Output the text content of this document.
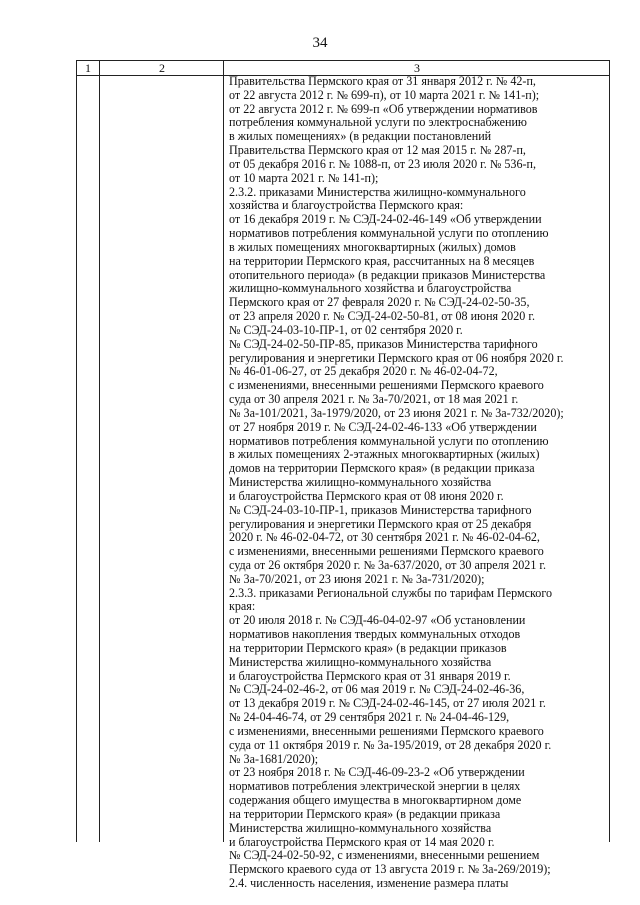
34
1	2	3
Правительства Пермского края от 31 января 2012 г. № 42-п,
от 22 августа 2012 г. № 699-п), от 10 марта 2021 г. № 141-п);
от 22 августа 2012 г. № 699-п «Об утверждении нормативов
потребления коммунальной услуги по электроснабжению
в жилых помещениях» (в редакции постановлений
Правительства Пермского края от 12 мая 2015 г. № 287-п,
от 05 декабря 2016 г. № 1088-п, от 23 июля 2020 г. № 536-п,
от 10 марта 2021 г. № 141-п);
2.3.2. приказами Министерства жилищно-коммунального
хозяйства и благоустройства Пермского края:
от 16 декабря 2019 г. № СЭД-24-02-46-149 «Об утверждении
нормативов потребления коммунальной услуги по отоплению
в жилых помещениях многоквартирных (жилых) домов
на территории Пермского края, рассчитанных на 8 месяцев
отопительного периода» (в редакции приказов Министерства
жилищно-коммунального хозяйства и благоустройства
Пермского края от 27 февраля 2020 г. № СЭД-24-02-50-35,
от 23 апреля 2020 г. № СЭД-24-02-50-81, от 08 июня 2020 г.
№ СЭД-24-03-10-ПР-1, от 02 сентября 2020 г.
№ СЭД-24-02-50-ПР-85, приказов Министерства тарифного
регулирования и энергетики Пермского края от 06 ноября 2020 г.
№ 46-01-06-27, от 25 декабря 2020 г. № 46-02-04-72,
с изменениями, внесенными решениями Пермского краевого
суда от 30 апреля 2021 г. № 3а-70/2021, от 18 мая 2021 г.
№ 3а-101/2021, 3а-1979/2020, от 23 июня 2021 г. № 3а-732/2020);
от 27 ноября 2019 г. № СЭД-24-02-46-133 «Об утверждении
нормативов потребления коммунальной услуги по отоплению
в жилых помещениях 2-этажных многоквартирных (жилых)
домов на территории Пермского края» (в редакции приказа
Министерства жилищно-коммунального хозяйства
и благоустройства Пермского края от 08 июня 2020 г.
№ СЭД-24-03-10-ПР-1, приказов Министерства тарифного
регулирования и энергетики Пермского края от 25 декабря
2020 г. № 46-02-04-72, от 30 сентября 2021 г. № 46-02-04-62,
с изменениями, внесенными решениями Пермского краевого
суда от 26 октября 2020 г. № 3а-637/2020, от 30 апреля 2021 г.
№ 3а-70/2021, от 23 июня 2021 г. № 3а-731/2020);
2.3.3. приказами Региональной службы по тарифам Пермского
края:
от 20 июля 2018 г. № СЭД-46-04-02-97 «Об установлении
нормативов накопления твердых коммунальных отходов
на территории Пермского края» (в редакции приказов
Министерства жилищно-коммунального хозяйства
и благоустройства Пермского края от 31 января 2019 г.
№ СЭД-24-02-46-2, от 06 мая 2019 г. № СЭД-24-02-46-36,
от 13 декабря 2019 г. № СЭД-24-02-46-145, от 27 июля 2021 г.
№ 24-04-46-74, от 29 сентября 2021 г. № 24-04-46-129,
с изменениями, внесенными решениями Пермского краевого
суда от 11 октября 2019 г. № 3а-195/2019, от 28 декабря 2020 г.
№ 3а-1681/2020);
от 23 ноября 2018 г. № СЭД-46-09-23-2 «Об утверждении
нормативов потребления электрической энергии в целях
содержания общего имущества в многоквартирном доме
на территории Пермского края» (в редакции приказа
Министерства жилищно-коммунального хозяйства
и благоустройства Пермского края от 14 мая 2020 г.
№ СЭД-24-02-50-92, с изменениями, внесенными решением
Пермского краевого суда от 13 августа 2019 г. № 3а-269/2019);
2.4. численность населения, изменение размера платы
